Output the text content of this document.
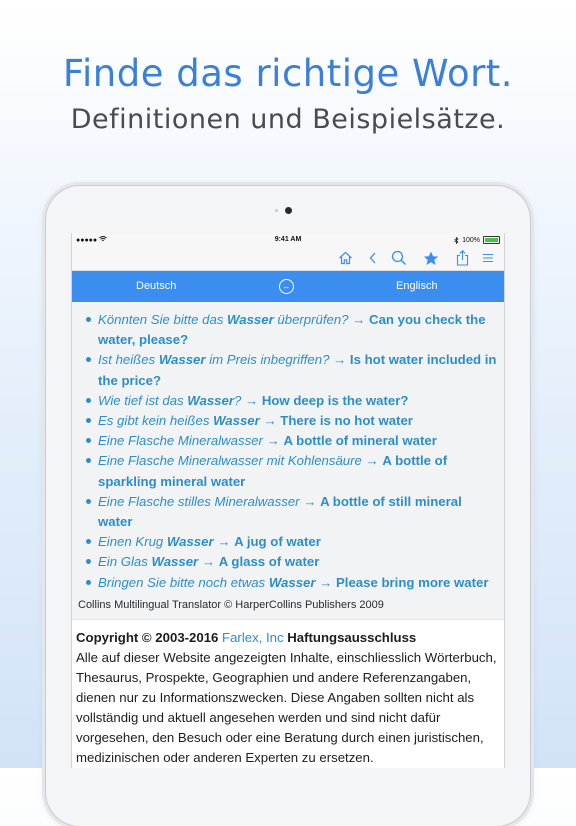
Finde das richtige Wort.
Definitionen und Beispielsätze.
●●●●●	9:41 AM	100%
Deutsch	↔	Englisch
Könnten Sie bitte das Wasser überprüfen? → Can you check the water, please?
Ist heißes Wasser im Preis inbegriffen? → Is hot water included in the price?
Wie tief ist das Wasser? → How deep is the water?
Es gibt kein heißes Wasser → There is no hot water
Eine Flasche Mineralwasser → A bottle of mineral water
Eine Flasche Mineralwasser mit Kohlensäure → A bottle of sparkling mineral water
Eine Flasche stilles Mineralwasser → A bottle of still mineral water
Einen Krug Wasser → A jug of water
Ein Glas Wasser → A glass of water
Bringen Sie bitte noch etwas Wasser → Please bring more water
Collins Multilingual Translator © HarperCollins Publishers 2009
Copyright © 2003-2016 Farlex, Inc Haftungsausschluss
Alle auf dieser Website angezeigten Inhalte, einschliesslich Wörterbuch, Thesaurus, Prospekte, Geographien und andere Referenzangaben, dienen nur zu Informationszwecken. Diese Angaben sollten nicht als vollständig und aktuell angesehen werden und sind nicht dafür vorgesehen, den Besuch oder eine Beratung durch einen juristischen, medizinischen oder anderen Experten zu ersetzen.
